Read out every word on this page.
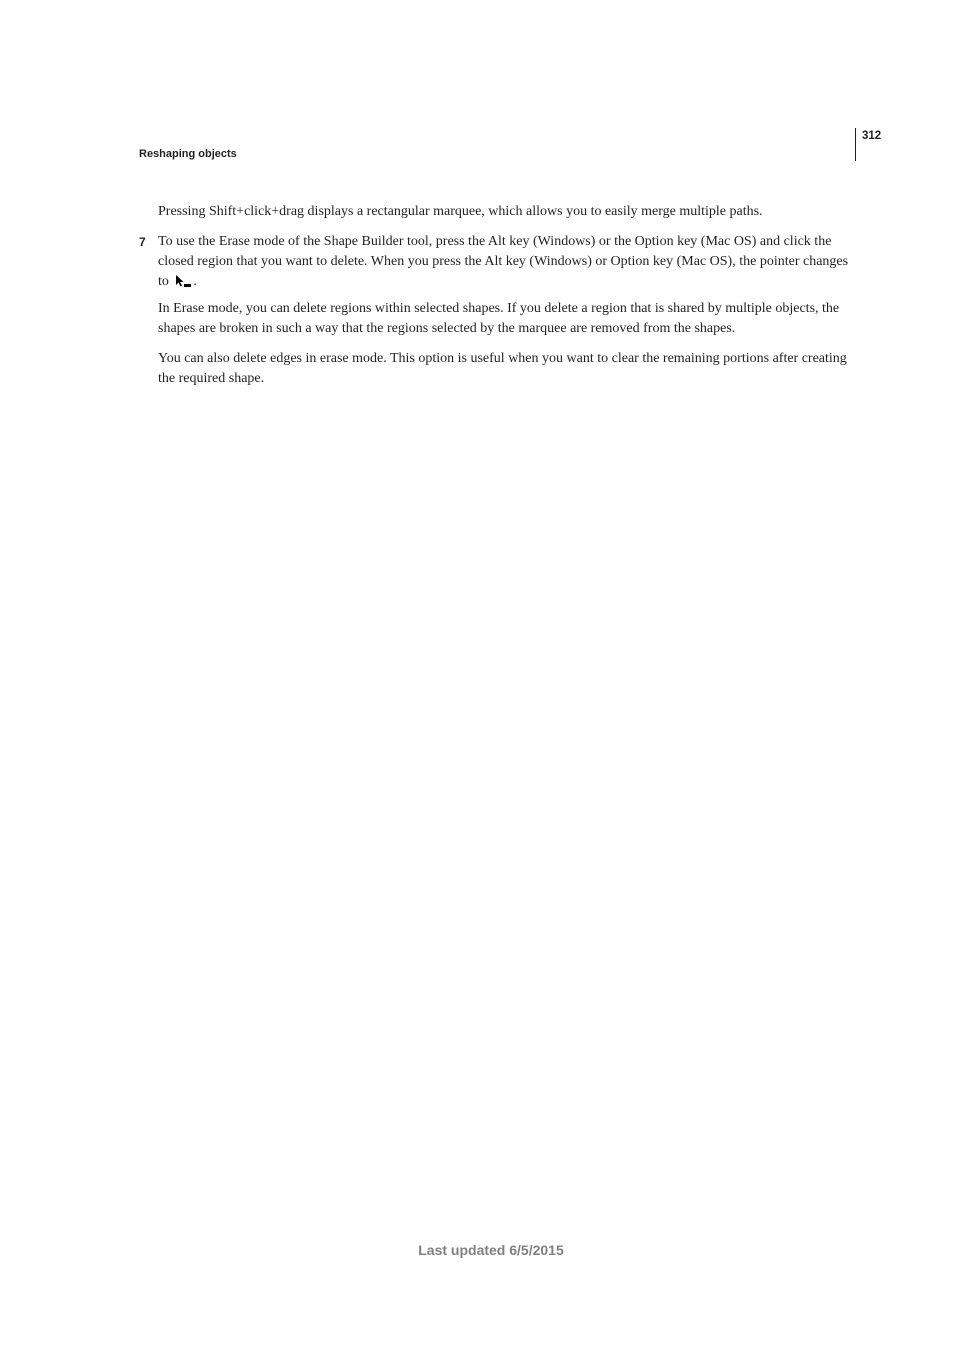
312
Reshaping objects

Pressing Shift+click+drag displays a rectangular marquee, which allows you to easily merge multiple paths.

7 To use the Erase mode of the Shape Builder tool, press the Alt key (Windows) or the Option key (Mac OS) and click the closed region that you want to delete. When you press the Alt key (Windows) or Option key (Mac OS), the pointer changes to .

In Erase mode, you can delete regions within selected shapes. If you delete a region that is shared by multiple objects, the shapes are broken in such a way that the regions selected by the marquee are removed from the shapes.

You can also delete edges in erase mode. This option is useful when you want to clear the remaining portions after creating the required shape.

Last updated 6/5/2015
